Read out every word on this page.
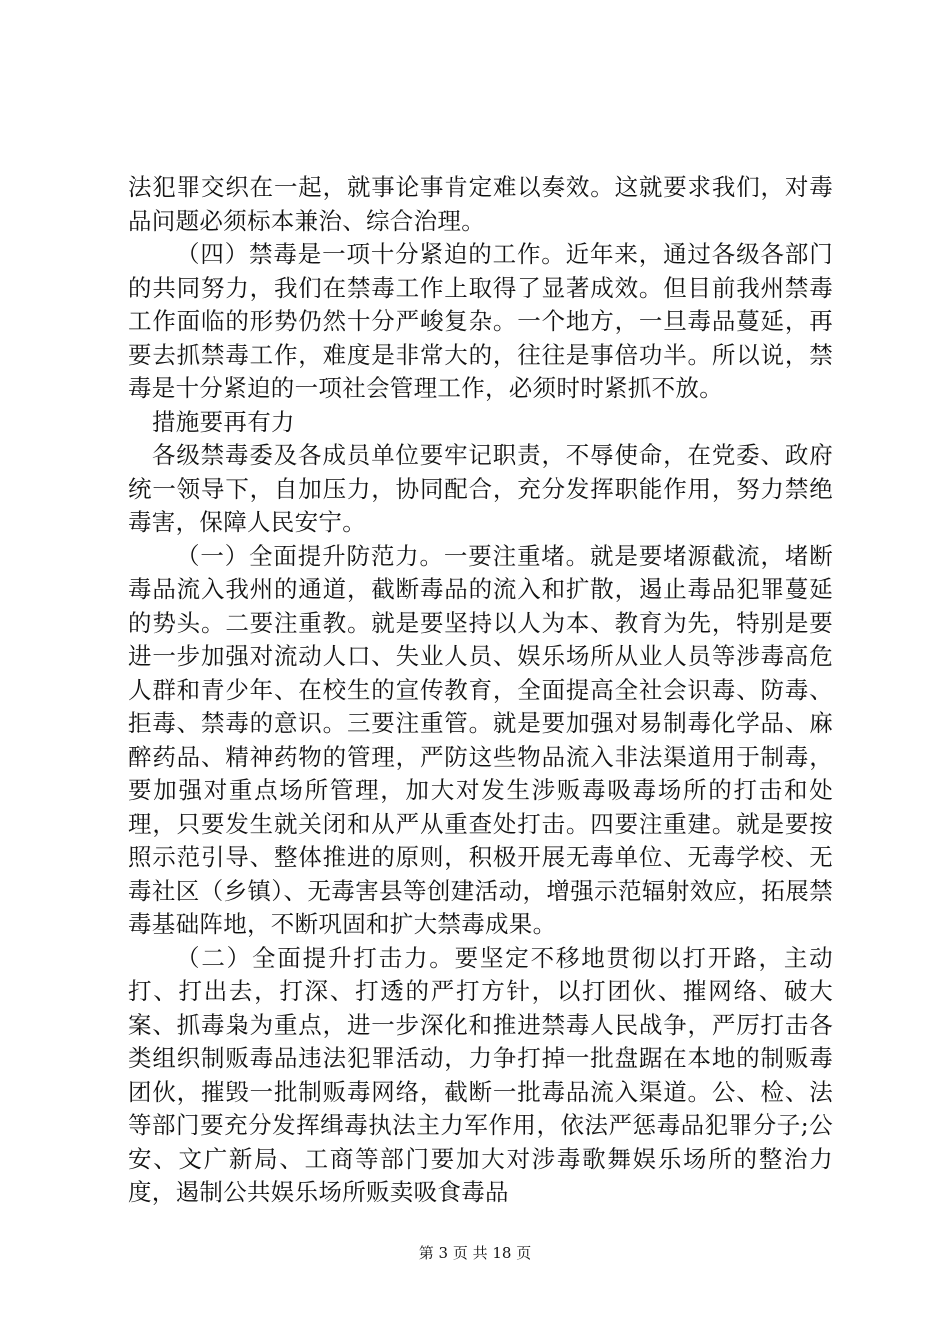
法犯罪交织在一起，就事论事肯定难以奏效。这就要求我们，对毒品问题必须标本兼治、综合治理。

（四）禁毒是一项十分紧迫的工作。近年来，通过各级各部门的共同努力，我们在禁毒工作上取得了显著成效。但目前我州禁毒工作面临的形势仍然十分严峻复杂。一个地方，一旦毒品蔓延，再要去抓禁毒工作，难度是非常大的，往往是事倍功半。所以说，禁毒是十分紧迫的一项社会管理工作，必须时时紧抓不放。

措施要再有力

各级禁毒委及各成员单位要牢记职责，不辱使命，在党委、政府统一领导下，自加压力，协同配合，充分发挥职能作用，努力禁绝毒害，保障人民安宁。

（一）全面提升防范力。一要注重堵。就是要堵源截流，堵断毒品流入我州的通道，截断毒品的流入和扩散，遏止毒品犯罪蔓延的势头。二要注重教。就是要坚持以人为本、教育为先，特别是要进一步加强对流动人口、失业人员、娱乐场所从业人员等涉毒高危人群和青少年、在校生的宣传教育，全面提高全社会识毒、防毒、拒毒、禁毒的意识。三要注重管。就是要加强对易制毒化学品、麻醉药品、精神药物的管理，严防这些物品流入非法渠道用于制毒，要加强对重点场所管理，加大对发生涉贩毒吸毒场所的打击和处理，只要发生就关闭和从严从重查处打击。四要注重建。就是要按照示范引导、整体推进的原则，积极开展无毒单位、无毒学校、无毒社区（乡镇）、无毒害县等创建活动，增强示范辐射效应，拓展禁毒基础阵地，不断巩固和扩大禁毒成果。

（二）全面提升打击力。要坚定不移地贯彻以打开路，主动打、打出去，打深、打透的严打方针，以打团伙、摧网络、破大案、抓毒枭为重点，进一步深化和推进禁毒人民战争，严厉打击各类组织制贩毒品违法犯罪活动，力争打掉一批盘踞在本地的制贩毒团伙，摧毁一批制贩毒网络，截断一批毒品流入渠道。公、检、法等部门要充分发挥缉毒执法主力军作用，依法严惩毒品犯罪分子;公安、文广新局、工商等部门要加大对涉毒歌舞娱乐场所的整治力度，遏制公共娱乐场所贩卖吸食毒品

第 3 页 共 18 页
